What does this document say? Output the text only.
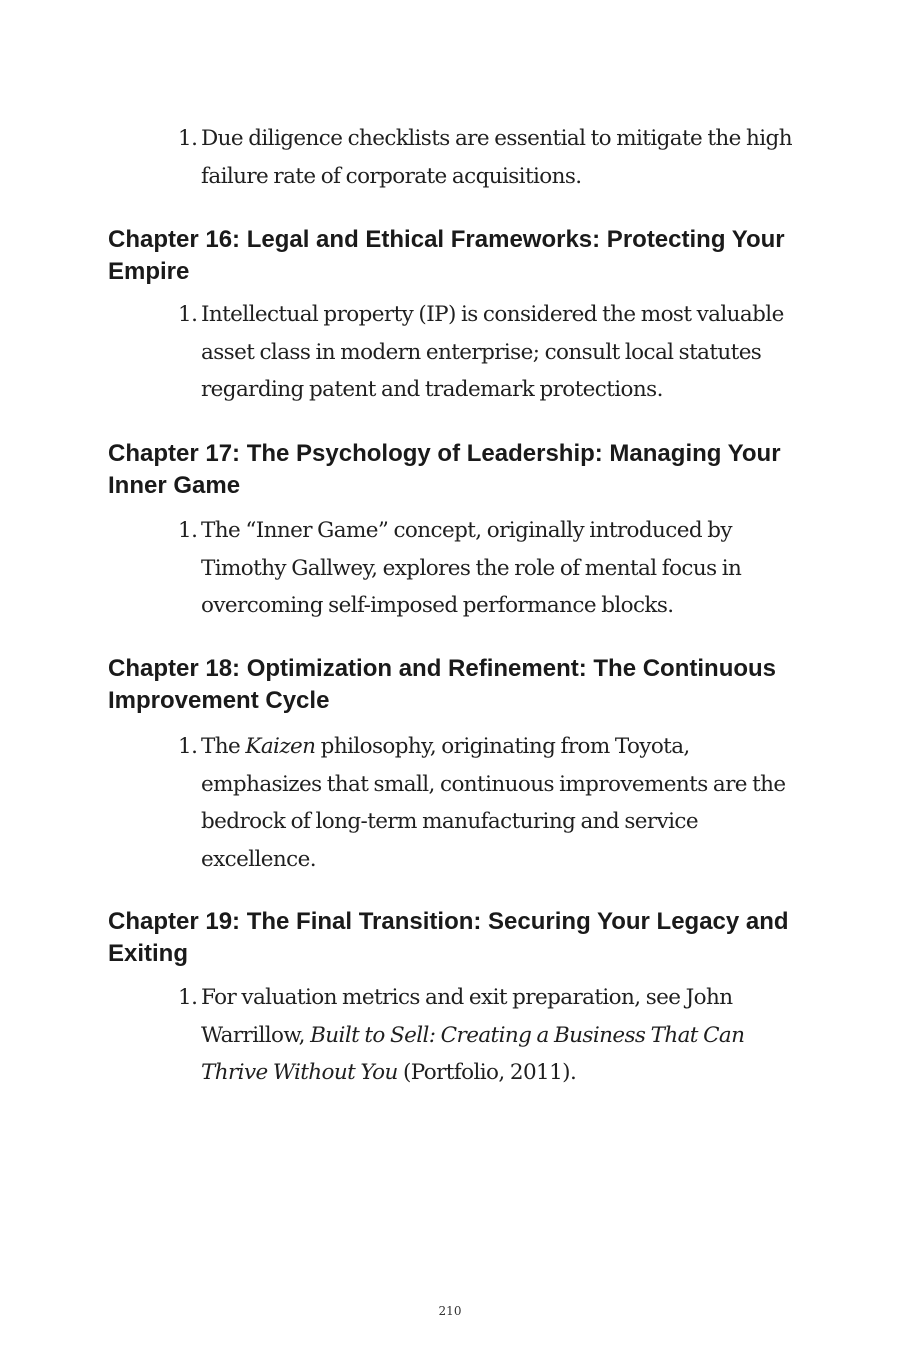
1. Due diligence checklists are essential to mitigate the high failure rate of corporate acquisitions.
Chapter 16: Legal and Ethical Frameworks: Protecting Your Empire
1. Intellectual property (IP) is considered the most valuable asset class in modern enterprise; consult local statutes regarding patent and trademark protections.
Chapter 17: The Psychology of Leadership: Managing Your Inner Game
1. The “Inner Game” concept, originally introduced by Timothy Gallwey, explores the role of mental focus in overcoming self-imposed performance blocks.
Chapter 18: Optimization and Refinement: The Continuous Improvement Cycle
1. The Kaizen philosophy, originating from Toyota, emphasizes that small, continuous improvements are the bedrock of long-term manufacturing and service excellence.
Chapter 19: The Final Transition: Securing Your Legacy and Exiting
1. For valuation metrics and exit preparation, see John Warrillow, Built to Sell: Creating a Business That Can Thrive Without You (Portfolio, 2011).
210
